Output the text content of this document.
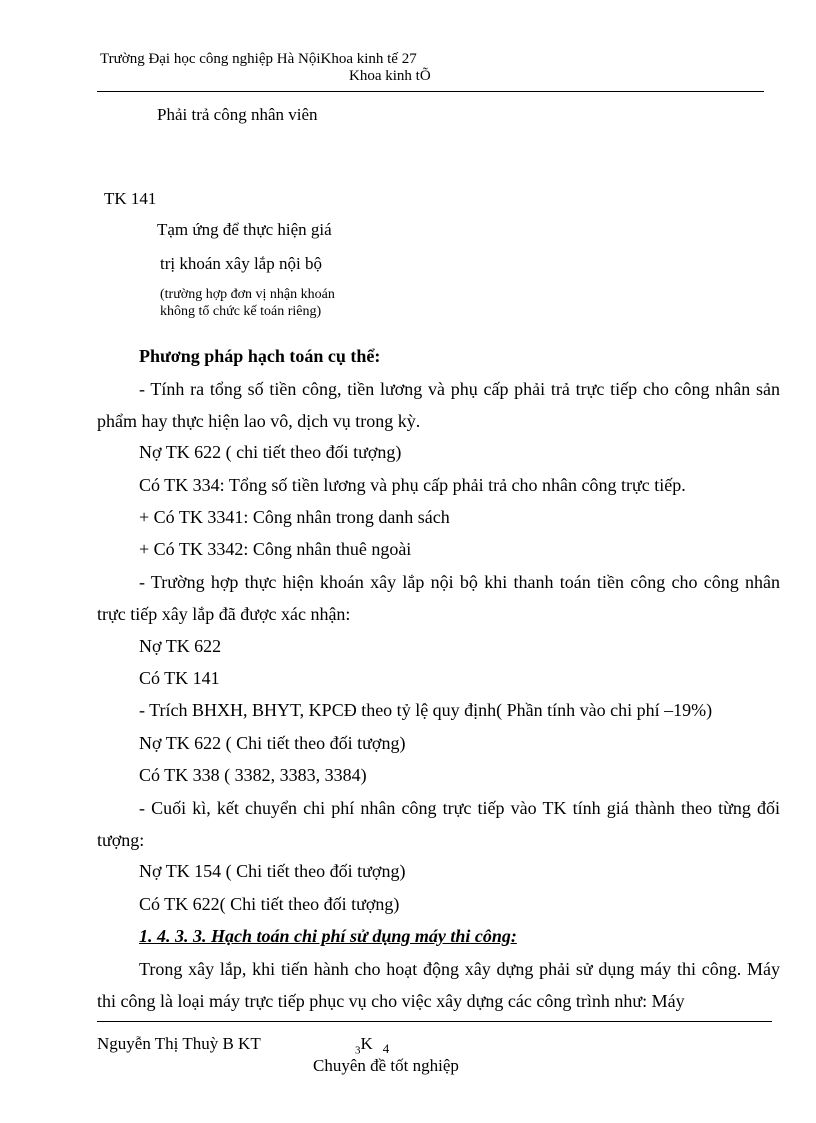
Trường Đại học công nghiệp Hà NộiKhoa kinh tế 27
Khoa kinh tÕ
Phải trả công nhân viên
TK 141
Tạm ứng để thực hiện giá
trị khoán xây lắp nội bộ
(trường hợp đơn vị nhận khoán
không tổ chức kế toán riêng)
Phương pháp hạch toán cụ thể:
- Tính ra tổng số tiền công, tiền lương và phụ cấp phải trả trực tiếp cho công nhân sản phẩm hay thực hiện lao vô, dịch vụ trong kỳ.
Nợ TK 622 ( chi tiết theo đối tượng)
Có TK 334: Tổng số tiền lương và phụ cấp phải trả cho nhân công trực tiếp.
+ Có TK 3341: Công nhân trong danh sách
+ Có TK 3342: Công nhân thuê ngoài
- Trường hợp thực hiện khoán xây lắp nội bộ khi thanh toán tiền công cho công nhân trực tiếp xây lắp đã được xác nhận:
Nợ TK 622
Có TK 141
- Trích BHXH, BHYT, KPCĐ theo tỷ lệ quy định( Phần tính vào chi phí –19%)
Nợ TK 622 ( Chi tiết theo đối tượng)
Có TK 338 ( 3382, 3383, 3384)
- Cuối kì, kết chuyển chi phí nhân công trực tiếp vào TK tính giá thành theo từng đối tượng:
Nợ TK 154 ( Chi tiết theo đối tượng)
Có TK 622( Chi tiết theo đối tượng)
1. 4. 3. 3. Hạch toán chi phí sử dụng máy thi công:
Trong xây lắp, khi tiến hành cho hoạt động xây dựng phải sử dụng máy thi công. Máy thi công là loại máy trực tiếp phục vụ cho việc xây dựng các công trình như: Máy
Nguyễn Thị Thuỳ B KT	$_3$K $_4$
Chuyên đề tốt nghiệp
